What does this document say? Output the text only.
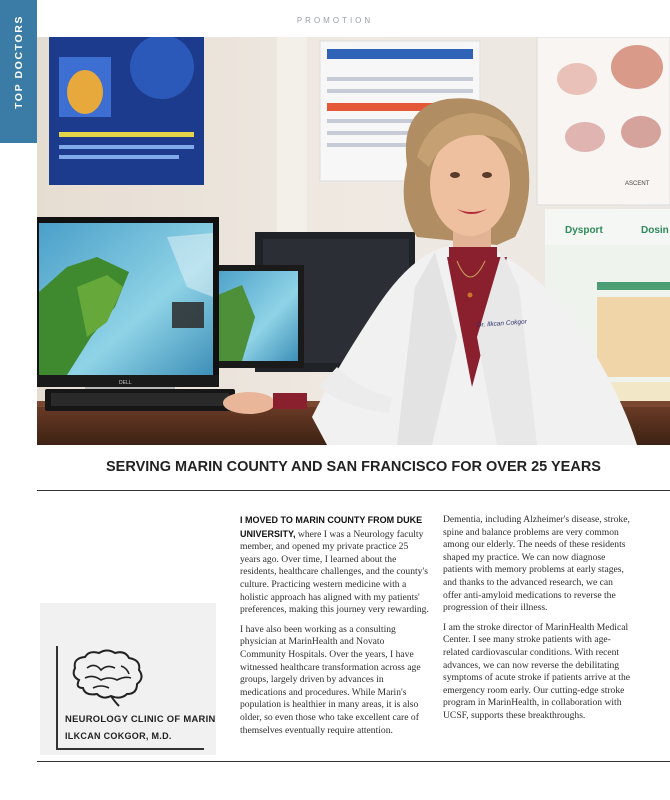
TOP DOCTORS	PROMOTION
ASCENT
Dysport	Dosin
DELL
Dr. Ilkcan Cokgor
SERVING MARIN COUNTY AND SAN FRANCISCO FOR OVER 25 YEARS

I MOVED TO MARIN COUNTY FROM DUKE UNIVERSITY, where I was a Neurology faculty member, and opened my private practice 25 years ago. Over time, I learned about the residents, healthcare challenges, and the county's culture. Practicing western medicine with a holistic approach has aligned with my patients' preferences, making this journey very rewarding.

I have also been working as a consulting physician at MarinHealth and Novato Community Hospitals. Over the years, I have witnessed healthcare transformation across age groups, largely driven by advances in medications and procedures. While Marin's population is healthier in many areas, it is also older, so even those who take excellent care of themselves eventually require attention.

Dementia, including Alzheimer's disease, stroke, spine and balance problems are very common among our elderly. The needs of these residents shaped my practice. We can now diagnose patients with memory problems at early stages, and thanks to the advanced research, we can offer anti-amyloid medications to reverse the progression of their illness.

I am the stroke director of MarinHealth Medical Center. I see many stroke patients with age-related cardiovascular conditions. With recent advances, we can now reverse the debilitating symptoms of acute stroke if patients arrive at the emergency room early. Our cutting-edge stroke program in MarinHealth, in collaboration with UCSF, supports these breakthroughs.

NEUROLOGY CLINIC OF MARIN
ILKCAN COKGOR, M.D.
